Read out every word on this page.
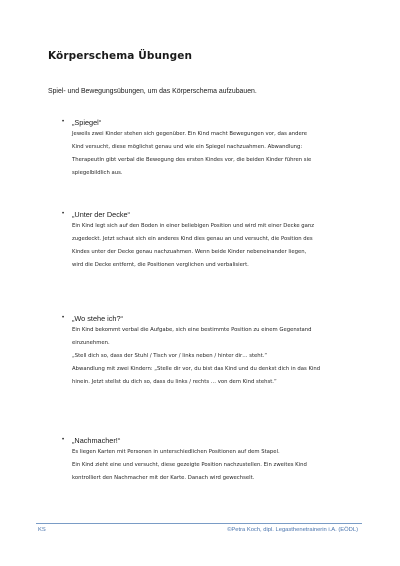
Körperschema Übungen
Spiel- und Bewegungsübungen, um das Körperschema aufzubauen.
• „Spiegel“
Jeweils zwei Kinder stehen sich gegenüber. Ein Kind macht Bewegungen vor, das andere
Kind versucht, diese möglichst genau und wie ein Spiegel nachzuahmen. Abwandlung:
TherapeutIn gibt verbal die Bewegung des ersten Kindes vor, die beiden Kinder führen sie
spiegelbildlich aus.
• „Unter der Decke“
Ein Kind legt sich auf den Boden in einer beliebigen Position und wird mit einer Decke ganz
zugedeckt. Jetzt schaut sich ein anderes Kind dies genau an und versucht, die Position des
Kindes unter der Decke genau nachzuahmen. Wenn beide Kinder nebeneinander liegen,
wird die Decke entfernt, die Positionen verglichen und verbalisiert.
• „Wo stehe ich?“
Ein Kind bekommt verbal die Aufgabe, sich eine bestimmte Position zu einem Gegenstand
einzunehmen.
„Stell dich so, dass der Stuhl / Tisch vor / links neben / hinter dir… steht.“
Abwandlung mit zwei Kindern: „Stelle dir vor, du bist das Kind und du denkst dich in das Kind
hinein. Jetzt stellst du dich so, dass du links / rechts … von dem Kind stehst.“
• „Nachmacher!“
Es liegen Karten mit Personen in unterschiedlichen Positionen auf dem Stapel.
Ein Kind zieht eine und versucht, diese gezeigte Position nachzustellen. Ein zweites Kind
kontrolliert den Nachmacher mit der Karte. Danach wird gewechselt.
KS	©Petra Koch, dipl. Legasthenetrainerin i.A. (EÖDL)
